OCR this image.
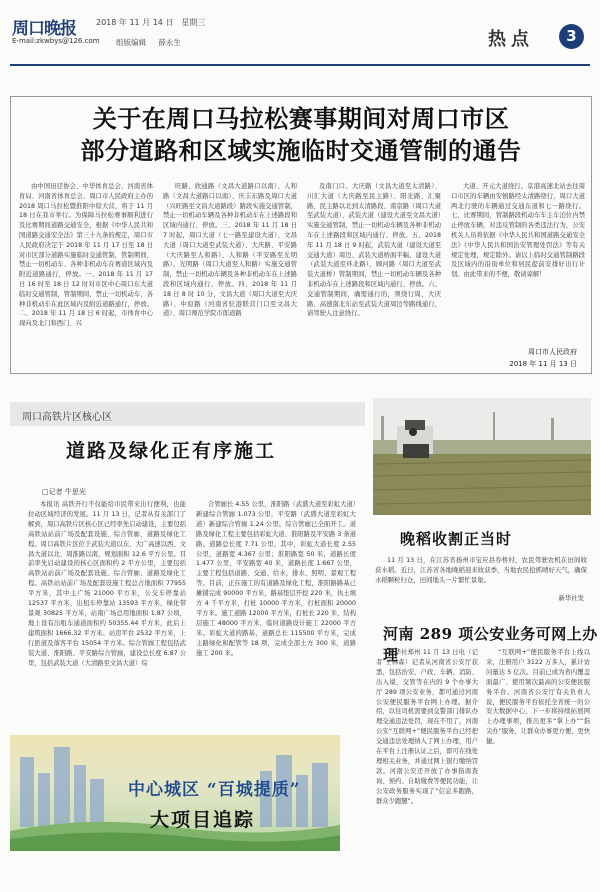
周口晚报
E-mail:zkwbys@126.com
2018 年 11 月 14 日　星期三
组版编辑 薛永生	热点	3
关于在周口马拉松赛事期间对周口市区
部分道路和区域实施临时交通管制的通告

由中国田径协会、中华体育总会、河南省体育局、河南省体育总会、周口市人民政府主办的 2018 周口马拉松暨淮阳中原大营，将于 11 月 18 日在我市举行。为保障马拉松赛事顺利进行及比赛期间道路交通安全，根据《中华人民共和国道路交通安全法》第三十九条的规定，周口市人民政府决定于 2018 年 11 月 17 日至 18 日对市区部分道路实施临时交通管制，管制期间，禁止一切机动车、各种非机动车在赛道区域内及附近道路通行，停放。一、2018 年 11 月 17 日 16 时至 18 日 12 时对市区中心周口东大道临时交通管制，管制期间，禁止一切机动车、各种非机动车在此区域内及附近道路通行，停放。二、2018 年 11 月 18 日 6 时起，市体育中心现向及北门和西门、兴

旺路、欣通路（文昌大道路口以南）、人和路（文昌大道路口以南）、庆丰东路及周口大道（兴旺路至文昌大道路段）路段实施交通管制，禁止一切机动车辆及各种非机动车在上述路段和区域内通行、停放。三、2018 年 11 月 18 日 7 时起，周口大道（七一路至建设大道）、文昌大道（周口大道至武装大道）、大庆路、平安路（大庆路至人和路）、人和路（平安路至光明路）、光明路（周口大道至人和路）实施交通管制，禁止一切机动车辆及各种非机动车在上述路段和区域内通行，停放。四、2018 年 11 月 18 日 8 时 10 分，文昌大道（周口大道至大庆路）、中原路（河南省驻港联营门口至文昌大道）、周口师范学院市郎道路

及南门口、大庆路（文昌大道至太清路）、川汇大道（大庆路至民主路）、阳光路、汇聚路、民主路以北到太清路段、南京路（周口大道至武装大道）、武装大道（建设大道至文昌大道）实施交通管制，禁止一切机动车辆及各种非机动车在上述路段和区域内通行、停放。五、2018 年 11 月 18 日 9 时起，武装大道（建设大道至交通大道）周边、武装大道桥面半幅、建设大道（武装大道至环北路）、顾河路（周口大道至武装大道桥）管制期间，禁止一切机动车辆及各种非机动车在上述路段和区域内通行、停放。六、交通管制期间，确需通行的，须绕行周、大庆路、高速南北东站至武装大道周边等路线通行，请驾驶人注意绕行。

大道、开元大道绕行，京港高速北站去往周口市区的车辆由安慎路经太清路绕行，周口大道两北行驶的车辆通过交通东道和七一路绕行。七、比赛期间，管制路段机动车车主车泊位内禁止停放车辆，对违反管制的各类违法行为，公安机关人员将依据《中华人民共和国道路交通安全法》《中华人民共和国治安管理处罚法》等有关规定处理，规定除外。请以上临时交通管制路段及区域内的沿街单位和居民提前安排好出行计划。由此带来的不便，敬请谅解！

周口市人民政府
2018 年 11 月 13 日
周口高铁片区核心区
道路及绿化正有序施工
□记者 牛思光

本报讯 高铁开行不仅能给市民带来出行便利，也能拉动区域经济的发展。11 月 13 日，记者从有关部门了解到，周口高铁片区核心区已经率先启动建设，主要包括高铁站站前广场及配套设施、综合管廊、道路及绿化工程。周口高铁片区位于武装大道以东、大广高速以西、文昌大道以北、周淮路以南，规划面积 12.6 平方公里。目前率先启动建设的核心区面积约 2 平方公里，主要包括高铁站站前广场及配套设施、综合管廊、道路及绿化工程。高铁站站前广场及配套设施工程总占地面积 77955 平方米，其中主广场 21000 平方米，公交车停靠站 12537 平方米，出租车停靠站 13593 平方米，绿化带景观 30825 平方米，站南广场总用地面积 1.87 公顷，地上设有出租车通道面积约 50355.44 平方米，此后上建筑面积 1666.32 平方米。站房平台 2532 平方米，上行匝道及落客平台 15054 平方米。综合管廊工程包括武装大道、淮阳路、平安路综合管廊，建设总长度 6.87 公里，包括武装大道（大清路至文昌大道）综

合管廊长 4.55 公里，淮阳路（武盛大道至彩虹大道）新建综合管廊 1.073 公里，平安路（武盛大道至彩虹大道）新建综合管廊 1.24 公里。综合管廊已全面开工。道路及绿化工程主要包括彩虹大道、淮阳路及平安路 3 条道路。道路总长度 7.71 公里，其中，彩虹大道长度 2.55 公里，道路宽 4.367 公里；淮阳路宽 50 米，道路长度 1.477 公里，平安路宽 40 米，道路长度 1.667 公里，主要工程包括道路、交通、给水、排水、照明、景观工程等。目前，正在施工的有道路及绿化工程，淮阳路路基已摊铺完成 90000 平方米，路基垫层开挖 220 米，执土填方 4 千平方米，打桩 10000 平方米，打桩面积 20000 平方米。施工道路 12000 平方米，打桩长 220 米，结构层施工 48000 平方米，临时道路设计施工 22000 平方米。彩虹大道的路基，道路总长 115500 平方米，完成主路绿化和配管等 18 项，完成全部土方 300 米，道路施工 200 米。

中心城区 “百城提质”
大项目追踪
晚稻收割正当时

11 月 13 日，在江苏省扬州市宝应县券桥村，农民驾驶农机在田间收获水稻。近日，江苏省各地晚稻迎来收获季，当地农民抢抓晴好天气，确保水稻颗粒归仓，田间地头一片繁忙景象。

新华社发
河南 289 项公安业务可网上办理

新华社郑州 11 月 13 日电（记者 王林森）记者从河南省公安厅获悉，包括治安、户政、车辆、消防、出入境、交管等在内的 9 个办事大厅 289 项公安业务，都可通过河南公安便民服务平台网上办理。据介绍，以往司机需要到交警部门排队办理交通违法处罚，现在不用了，河南公安“互联网+”便民服务平台已经把交通违法处理纳入了网上办理，用户在平台上注册认证之后，即可在线处理相关业务，并通过网上银行缴纳罚款。河南公安还开放了办事指南查询、预约、自助缴费等便民功能，让公安政务服务实现了“信息多跑路，群众少跑腿”。

“互联网+”便民服务平台上线以来，注册用户 3122 万多人，累计访问量达 5 亿次。目前已成为省内覆盖面最广、使用频次最高的公安便民服务平台。河南省公安厅有关负责人说，便民服务平台依托全省统一的公安大数据中心，下一步将持续拓展网上办理事项，推出更多“掌上办”“指尖办”服务，让群众办事更方便、更快捷。
